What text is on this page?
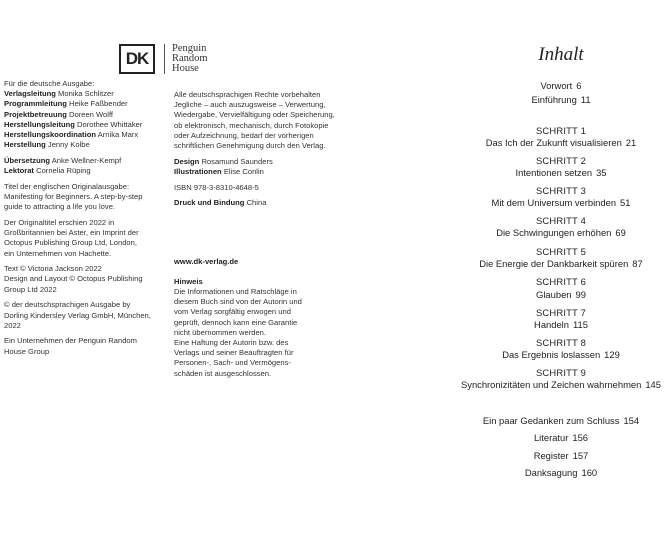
DK
Penguin
Random
House

Für die deutsche Ausgabe:
Verlagsleitung Monika Schlitzer
Programmleitung Heike Faßbender
Projektbetreuung Doreen Wolff
Herstellungsleitung Dorothee Whittaker
Herstellungskoordination Arnika Marx
Herstellung Jenny Kolbe

Übersetzung Anke Wellner-Kempf
Lektorat Cornelia Rüping

Titel der englischen Originalausgabe:
Manifesting for Beginners. A step-by-step
guide to attracting a life you love.

Der Originaltitel erschien 2022 in
Großbritannien bei Aster, ein Imprint der
Octopus Publishing Group Ltd, London,
ein Unternehmen von Hachette.

Text © Victoria Jackson 2022
Design and Layout © Octopus Publishing
Group Ltd 2022

© der deutschsprachigen Ausgabe by
Dorling Kindersley Verlag GmbH, München,
2022

Ein Unternehmen der Penguin Random
House Group

Alle deutschsprachigen Rechte vorbehalten
Jegliche – auch auszugsweise – Verwertung,
Wiedergabe, Vervielfältigung oder Speicherung,
ob elektronisch, mechanisch, durch Fotokopie
oder Aufzeichnung, bedarf der vorherigen
schriftlichen Genehmigung durch den Verlag.

Design Rosamund Saunders
Illustrationen Elise Conlin

ISBN 978-3-8310-4648-5

Druck und Bindung China

www.dk-verlag.de

Hinweis
Die Informationen und Ratschläge in
diesem Buch sind von der Autorin und
vom Verlag sorgfältig erwogen und
geprüft, dennoch kann eine Garantie
nicht übernommen werden.
Eine Haftung der Autorin bzw. des
Verlags und seiner Beauftragten für
Personen-, Sach- und Vermögens-
schäden ist ausgeschlossen.

Inhalt
Vorwort 6
Einführung 11
SCHRITT 1
Das Ich der Zukunft visualisieren 21
SCHRITT 2
Intentionen setzen 35
SCHRITT 3
Mit dem Universum verbinden 51
SCHRITT 4
Die Schwingungen erhöhen 69
SCHRITT 5
Die Energie der Dankbarkeit spüren 87
SCHRITT 6
Glauben 99
SCHRITT 7
Handeln 115
SCHRITT 8
Das Ergebnis loslassen 129
SCHRITT 9
Synchronizitäten und Zeichen wahrnehmen 145
Ein paar Gedanken zum Schluss 154
Literatur 156
Register 157
Danksagung 160
